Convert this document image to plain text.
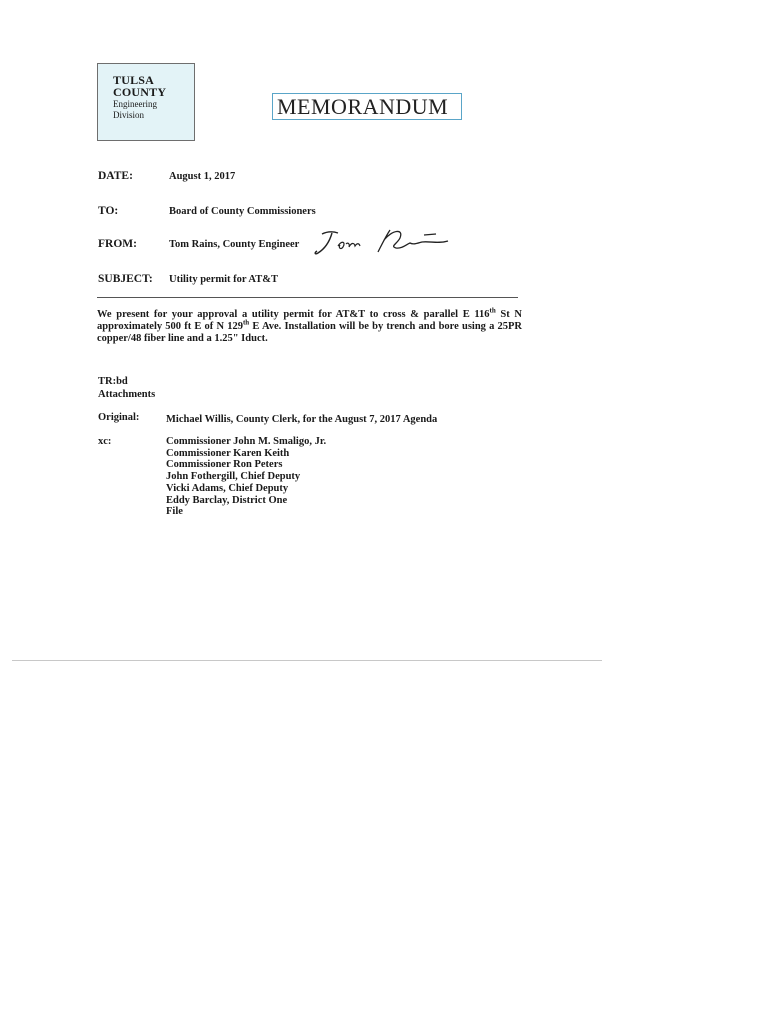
TULSA
COUNTY
Engineering
Division	MEMORANDUM
DATE:	August 1, 2017
TO:	Board of County Commissioners
FROM:	Tom Rains, County Engineer
SUBJECT: Utility permit for AT&T
We present for your approval a utility permit for AT&T to cross & parallel E 116th St N approximately 500 ft E of N 129th E Ave. Installation will be by trench and bore using a 25PR copper/48 fiber line and a 1.25" Iduct.
TR:bd
Attachments
Original:	Michael Willis, County Clerk, for the August 7, 2017 Agenda
xc:	Commissioner John M. Smaligo, Jr.
Commissioner Karen Keith
Commissioner Ron Peters
John Fothergill, Chief Deputy
Vicki Adams, Chief Deputy
Eddy Barclay, District One
File
